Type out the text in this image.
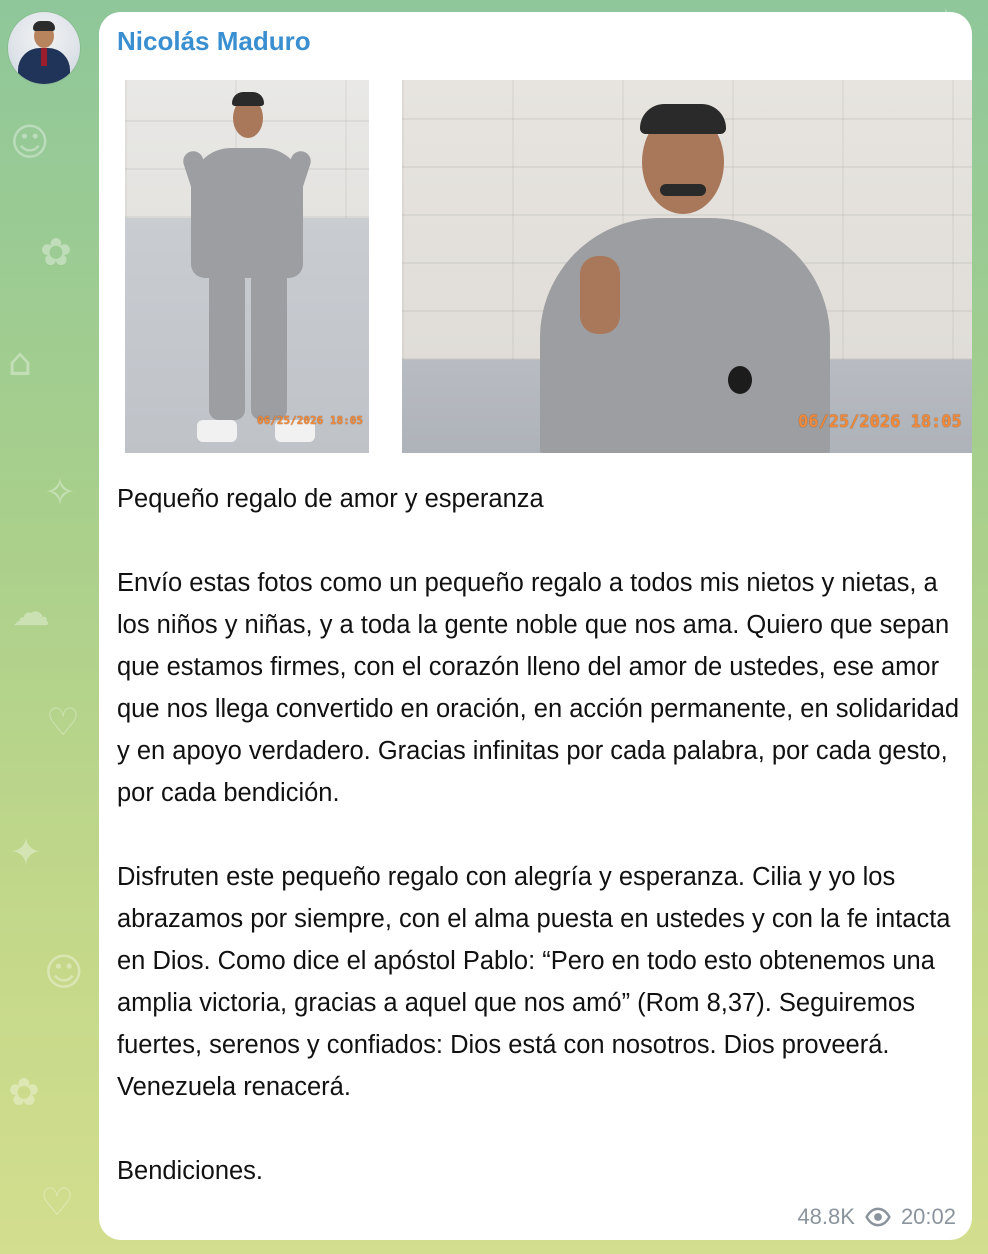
☺
✿
⌂
✧
☁
♡
✦
☺
✿
♡
Nicolás Maduro
06/25/2026 18:05	06/25/2026 18:05

Pequeño regalo de amor y esperanza

Envío estas fotos como un pequeño regalo a todos mis nietos y nietas, a los niños y niñas, y a toda la gente noble que nos ama. Quiero que sepan que estamos firmes, con el corazón lleno del amor de ustedes, ese amor que nos llega convertido en oración, en acción permanente, en solidaridad y en apoyo verdadero. Gracias infinitas por cada palabra, por cada gesto, por cada bendición.

Disfruten este pequeño regalo con alegría y esperanza. Cilia y yo los abrazamos por siempre, con el alma puesta en ustedes y con la fe intacta en Dios. Como dice el apóstol Pablo: “Pero en todo esto obtenemos una amplia victoria, gracias a aquel que nos amó” (Rom 8,37). Seguiremos fuertes, serenos y confiados: Dios está con nosotros. Dios proveerá. Venezuela renacerá.

Bendiciones.

48.8K 20:02
